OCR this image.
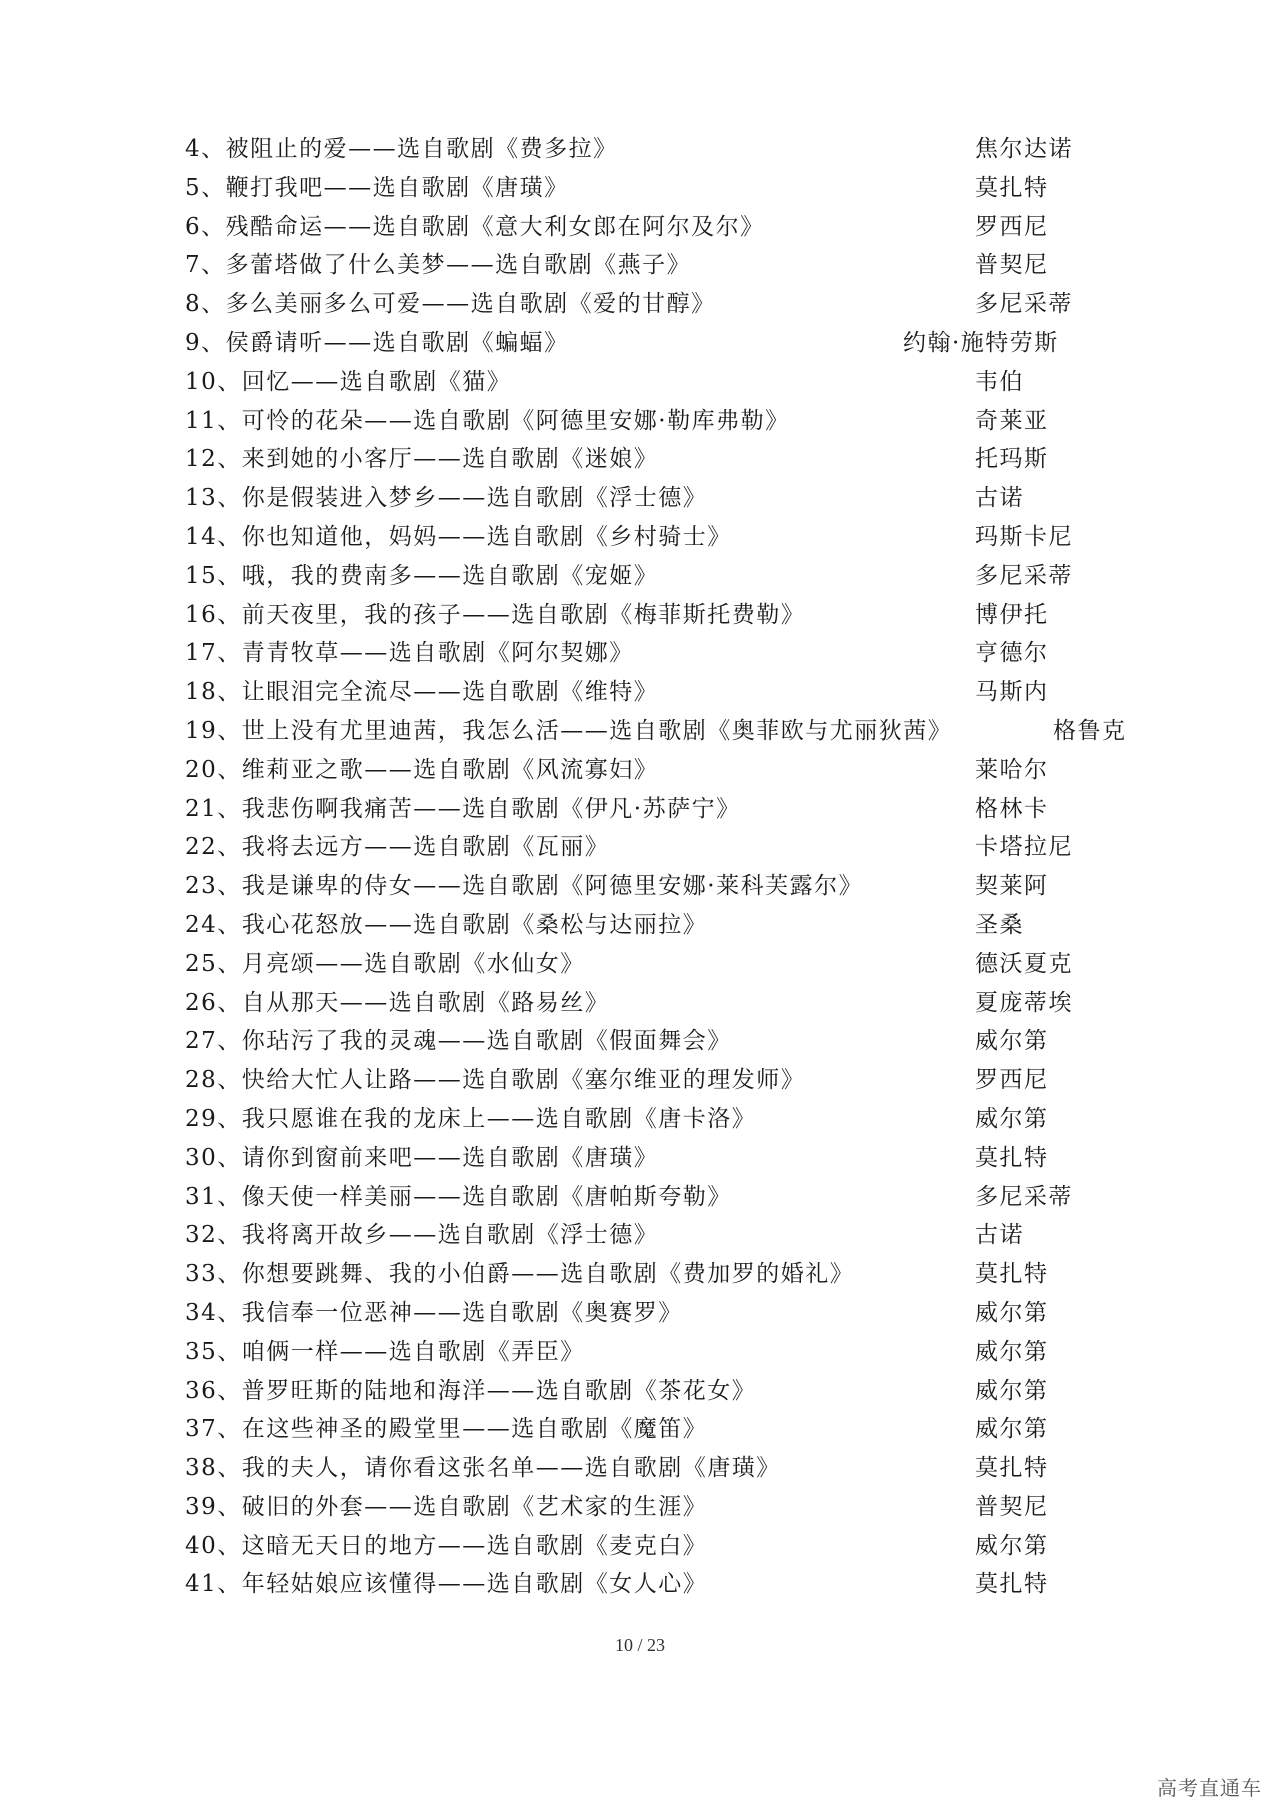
4、被阻止的爱——选自歌剧《费多拉》	焦尔达诺
5、鞭打我吧——选自歌剧《唐璜》	莫扎特
6、残酷命运——选自歌剧《意大利女郎在阿尔及尔》	罗西尼
7、多蕾塔做了什么美梦——选自歌剧《燕子》	普契尼
8、多么美丽多么可爱——选自歌剧《爱的甘醇》	多尼采蒂
9、侯爵请听——选自歌剧《蝙蝠》	约翰·施特劳斯
10、回忆——选自歌剧《猫》	韦伯
11、可怜的花朵——选自歌剧《阿德里安娜·勒库弗勒》	奇莱亚
12、来到她的小客厅——选自歌剧《迷娘》	托玛斯
13、你是假装进入梦乡——选自歌剧《浮士德》	古诺
14、你也知道他，妈妈——选自歌剧《乡村骑士》	玛斯卡尼
15、哦，我的费南多——选自歌剧《宠姬》	多尼采蒂
16、前天夜里，我的孩子——选自歌剧《梅菲斯托费勒》	博伊托
17、青青牧草——选自歌剧《阿尔契娜》	亨德尔
18、让眼泪完全流尽——选自歌剧《维特》	马斯内
19、世上没有尤里迪茜，我怎么活——选自歌剧《奥菲欧与尤丽狄茜》	格鲁克
20、维莉亚之歌——选自歌剧《风流寡妇》	莱哈尔
21、我悲伤啊我痛苦——选自歌剧《伊凡·苏萨宁》	格林卡
22、我将去远方——选自歌剧《瓦丽》	卡塔拉尼
23、我是谦卑的侍女——选自歌剧《阿德里安娜·莱科芙露尔》	契莱阿
24、我心花怒放——选自歌剧《桑松与达丽拉》	圣桑
25、月亮颂——选自歌剧《水仙女》	德沃夏克
26、自从那天——选自歌剧《路易丝》	夏庞蒂埃
27、你玷污了我的灵魂——选自歌剧《假面舞会》	威尔第
28、快给大忙人让路——选自歌剧《塞尔维亚的理发师》	罗西尼
29、我只愿谁在我的龙床上——选自歌剧《唐卡洛》	威尔第
30、请你到窗前来吧——选自歌剧《唐璜》	莫扎特
31、像天使一样美丽——选自歌剧《唐帕斯夸勒》	多尼采蒂
32、我将离开故乡——选自歌剧《浮士德》	古诺
33、你想要跳舞、我的小伯爵——选自歌剧《费加罗的婚礼》	莫扎特
34、我信奉一位恶神——选自歌剧《奥赛罗》	威尔第
35、咱俩一样——选自歌剧《弄臣》	威尔第
36、普罗旺斯的陆地和海洋——选自歌剧《茶花女》	威尔第
37、在这些神圣的殿堂里——选自歌剧《魔笛》	威尔第
38、我的夫人，请你看这张名单——选自歌剧《唐璜》	莫扎特
39、破旧的外套——选自歌剧《艺术家的生涯》	普契尼
40、这暗无天日的地方——选自歌剧《麦克白》	威尔第
41、年轻姑娘应该懂得——选自歌剧《女人心》	莫扎特
10 / 23
高考直通车
